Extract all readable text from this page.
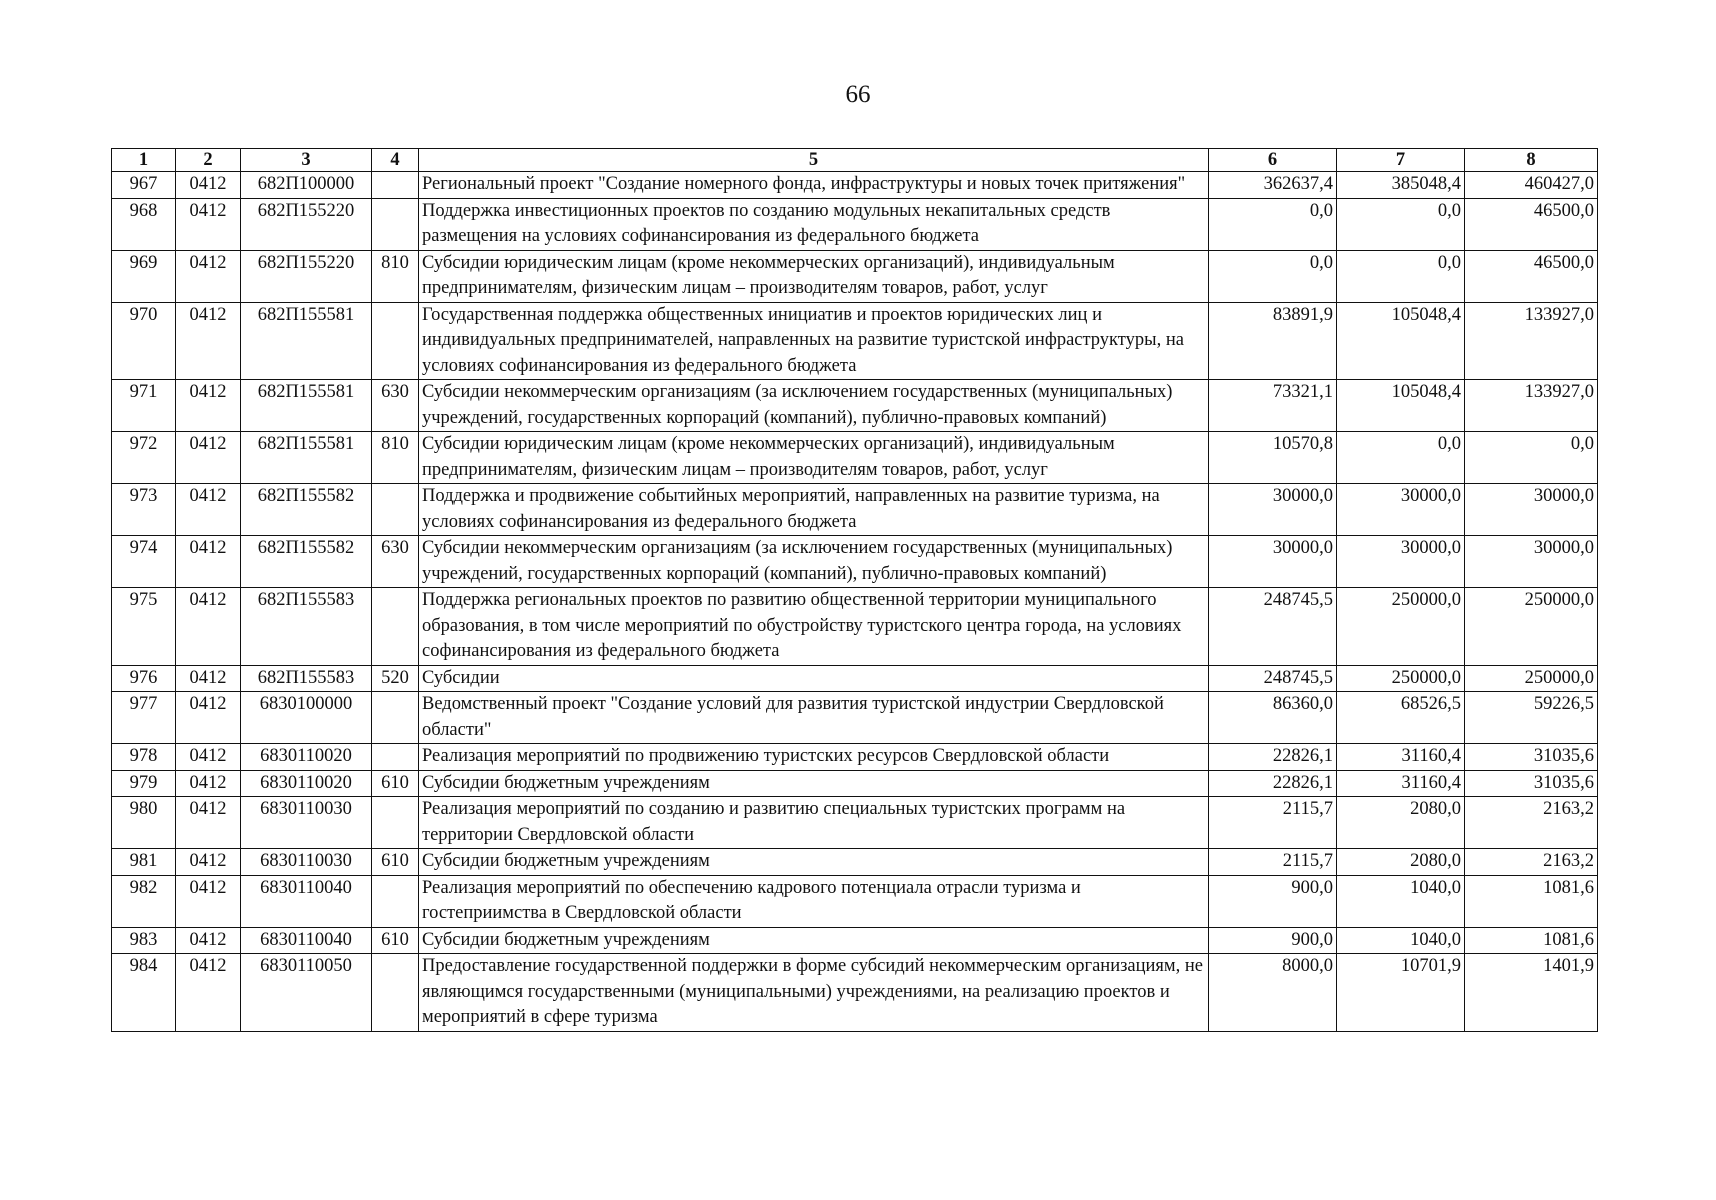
66
1	2	3	4	5	6	7	8
967	0412	682П100000		Региональный проект "Создание номерного фонда, инфраструктуры и новых точек притяжения"	362637,4	385048,4	460427,0
968	0412	682П155220		Поддержка инвестиционных проектов по созданию модульных некапитальных средств размещения на условиях софинансирования из федерального бюджета	0,0	0,0	46500,0
969	0412	682П155220	810	Субсидии юридическим лицам (кроме некоммерческих организаций), индивидуальным предпринимателям, физическим лицам – производителям товаров, работ, услуг	0,0	0,0	46500,0
970	0412	682П155581		Государственная поддержка общественных инициатив и проектов юридических лиц и индивидуальных предпринимателей, направленных на развитие туристской инфраструктуры, на условиях софинансирования из федерального бюджета	83891,9	105048,4	133927,0
971	0412	682П155581	630	Субсидии некоммерческим организациям (за исключением государственных (муниципальных) учреждений, государственных корпораций (компаний), публично-правовых компаний)	73321,1	105048,4	133927,0
972	0412	682П155581	810	Субсидии юридическим лицам (кроме некоммерческих организаций), индивидуальным предпринимателям, физическим лицам – производителям товаров, работ, услуг	10570,8	0,0	0,0
973	0412	682П155582		Поддержка и продвижение событийных мероприятий, направленных на развитие туризма, на условиях софинансирования из федерального бюджета	30000,0	30000,0	30000,0
974	0412	682П155582	630	Субсидии некоммерческим организациям (за исключением государственных (муниципальных) учреждений, государственных корпораций (компаний), публично-правовых компаний)	30000,0	30000,0	30000,0
975	0412	682П155583		Поддержка региональных проектов по развитию общественной территории муниципального образования, в том числе мероприятий по обустройству туристского центра города, на условиях софинансирования из федерального бюджета	248745,5	250000,0	250000,0
976	0412	682П155583	520	Субсидии	248745,5	250000,0	250000,0
977	0412	6830100000		Ведомственный проект "Создание условий для развития туристской индустрии Свердловской области"	86360,0	68526,5	59226,5
978	0412	6830110020		Реализация мероприятий по продвижению туристских ресурсов Свердловской области	22826,1	31160,4	31035,6
979	0412	6830110020	610	Субсидии бюджетным учреждениям	22826,1	31160,4	31035,6
980	0412	6830110030		Реализация мероприятий по созданию и развитию специальных туристских программ на территории Свердловской области	2115,7	2080,0	2163,2
981	0412	6830110030	610	Субсидии бюджетным учреждениям	2115,7	2080,0	2163,2
982	0412	6830110040		Реализация мероприятий по обеспечению кадрового потенциала отрасли туризма и гостеприимства в Свердловской области	900,0	1040,0	1081,6
983	0412	6830110040	610	Субсидии бюджетным учреждениям	900,0	1040,0	1081,6
984	0412	6830110050		Предоставление государственной поддержки в форме субсидий некоммерческим организациям, не являющимся государственными (муниципальными) учреждениями, на реализацию проектов и мероприятий в сфере туризма	8000,0	10701,9	1401,9
